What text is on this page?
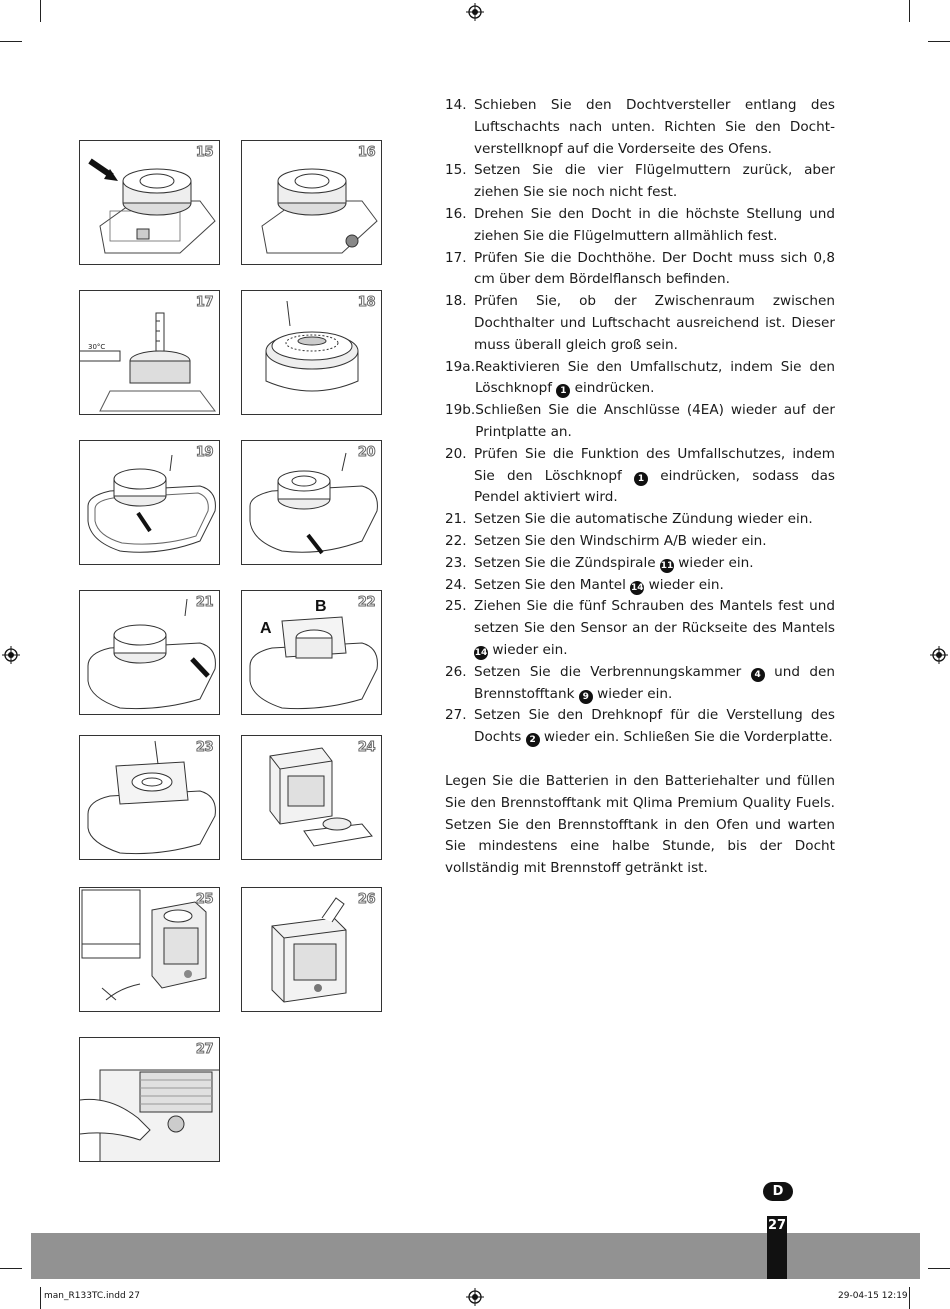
15	16
30°C
17	18
19	20
21
A
B 22
23	24
25	26
27
14. Schieben Sie den Dochtversteller entlang des Luftschachts nach unten. Richten Sie den Dochtverstellknopf auf die Vorderseite des Ofens.
15. Setzen Sie die vier Flügelmuttern zurück, aber ziehen Sie sie noch nicht fest.
16. Drehen Sie den Docht in die höchste Stellung und ziehen Sie die Flügelmuttern allmählich fest.
17. Prüfen Sie die Dochthöhe. Der Docht muss sich 0,8 cm über dem Bördelflansch befinden.
18. Prüfen Sie, ob der Zwischenraum zwischen Dochthalter und Luftschacht ausreichend ist. Dieser muss überall gleich groß sein.
19a. Reaktivieren Sie den Umfallschutz, indem Sie den Löschknopf 1 eindrücken.
19b. Schließen Sie die Anschlüsse (4EA) wieder auf der Printplatte an.
20. Prüfen Sie die Funktion des Umfallschutzes, indem Sie den Löschknopf 1 eindrücken, sodass das Pendel aktiviert wird.
21. Setzen Sie die automatische Zündung wieder ein.
22. Setzen Sie den Windschirm A/B wieder ein.
23. Setzen Sie die Zündspirale 11 wieder ein.
24. Setzen Sie den Mantel 14 wieder ein.
25. Ziehen Sie die fünf Schrauben des Mantels fest und setzen Sie den Sensor an der Rückseite des Mantels 14 wieder ein.
26. Setzen Sie die Verbrennungskammer 4 und den Brennstofftank 9 wieder ein.
27. Setzen Sie den Drehknopf für die Verstellung des Dochts 2 wieder ein. Schließen Sie die Vorderplatte.
Legen Sie die Batterien in den Batteriehalter und füllen Sie den Brennstofftank mit Qlima Premium Quality Fuels. Setzen Sie den Brennstofftank in den Ofen und warten Sie mindestens eine halbe Stunde, bis der Docht vollständig mit Brennstoff getränkt ist.
D
27
man_R133TC.indd 27	29-04-15 12:19
